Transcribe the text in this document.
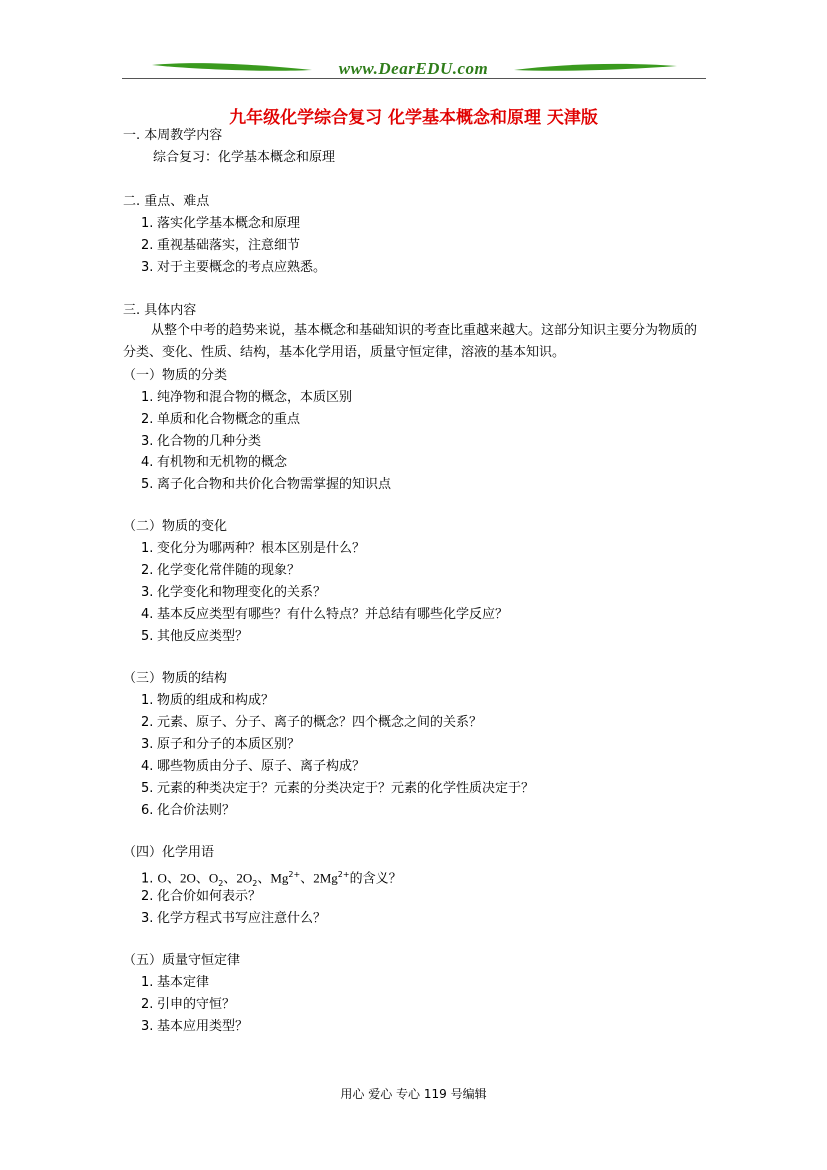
www.DearEDU.com
九年级化学综合复习 化学基本概念和原理 天津版
一. 本周教学内容
综合复习：化学基本概念和原理
二. 重点、难点
1. 落实化学基本概念和原理
2. 重视基础落实，注意细节
3. 对于主要概念的考点应熟悉。
三. 具体内容
从整个中考的趋势来说，基本概念和基础知识的考查比重越来越大。这部分知识主要分为物质的分类、变化、性质、结构，基本化学用语，质量守恒定律，溶液的基本知识。
（一）物质的分类
1. 纯净物和混合物的概念，本质区别
2. 单质和化合物概念的重点
3. 化合物的几种分类
4. 有机物和无机物的概念
5. 离子化合物和共价化合物需掌握的知识点
（二）物质的变化
1. 变化分为哪两种？根本区别是什么？
2. 化学变化常伴随的现象？
3. 化学变化和物理变化的关系？
4. 基本反应类型有哪些？有什么特点？并总结有哪些化学反应？
5. 其他反应类型？
（三）物质的结构
1. 物质的组成和构成？
2. 元素、原子、分子、离子的概念？四个概念之间的关系？
3. 原子和分子的本质区别？
4. 哪些物质由分子、原子、离子构成？
5. 元素的种类决定于？元素的分类决定于？元素的化学性质决定于？
6. 化合价法则？
（四）化学用语
1. O、2O、$O_2$、$2O_2$、$Mg^{2+}$、$2Mg^{2+}$的含义？
2. 化合价如何表示？
3. 化学方程式书写应注意什么？
（五）质量守恒定律
1. 基本定律
2. 引申的守恒？
3. 基本应用类型？
用心 爱心 专心 119 号编辑
